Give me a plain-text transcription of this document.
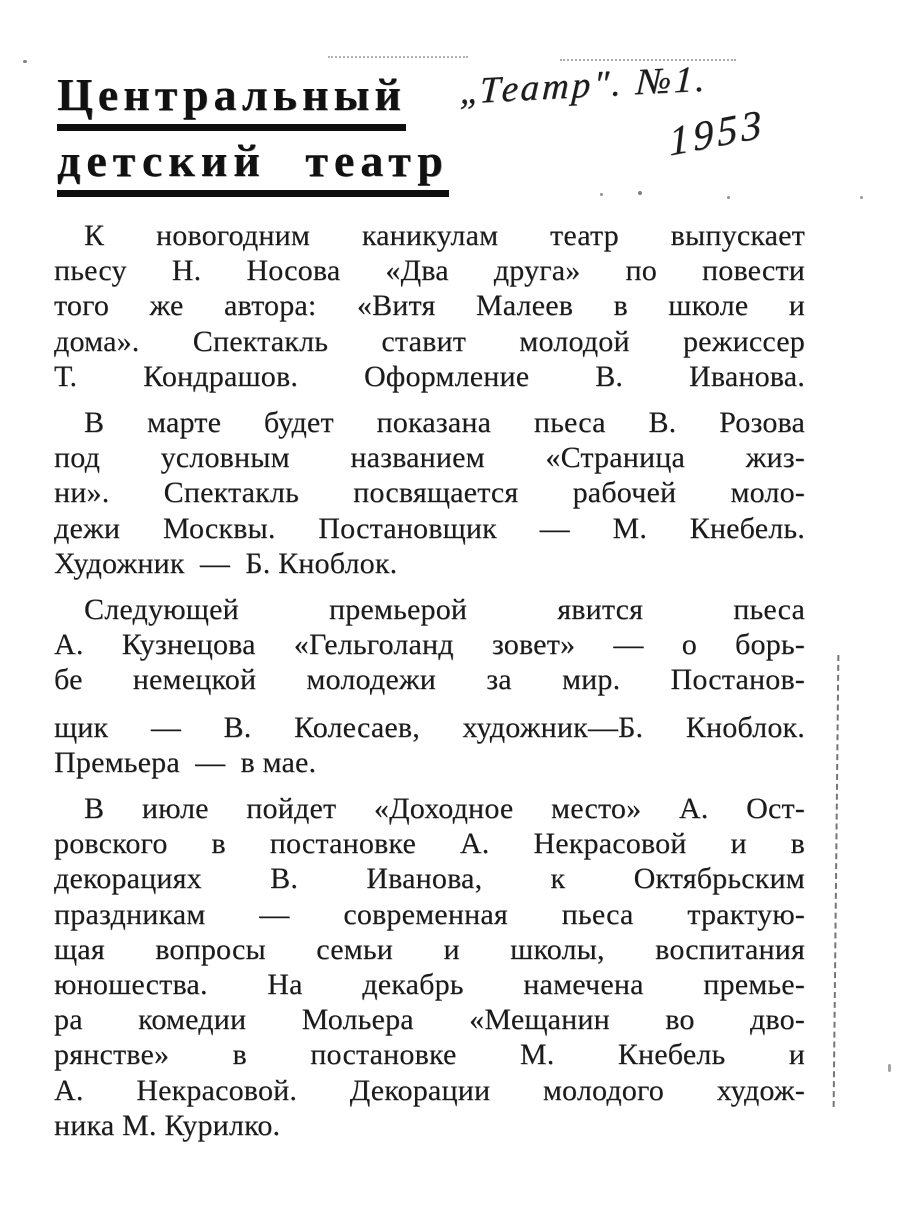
Центральный
детский театр
„Театр". №1.
1953
К новогодним каникулам театр выпускает
пьесу Н. Носова «Два друга» по повести
того же автора: «Витя Малеев в школе и
дома». Спектакль ставит молодой режиссер
Т. Кондрашов. Оформление В. Иванова.
В марте будет показана пьеса В. Розова
под условным названием «Страница жиз-
ни». Спектакль посвящается рабочей моло-
дежи Москвы. Постановщик — М. Кнебель.
Художник — Б. Кноблок.
Следующей премьерой явится пьеса
А. Кузнецова «Гельголанд зовет» — о борь-
бе немецкой молодежи за мир. Постанов-
щик — В. Колесаев, художник—Б. Кноблок.
Премьера — в мае.
В июле пойдет «Доходное место» А. Ост-
ровского в постановке А. Некрасовой и в
декорациях В. Иванова, к Октябрьским
праздникам — современная пьеса трактую-
щая вопросы семьи и школы, воспитания
юношества. На декабрь намечена премье-
ра комедии Мольера «Мещанин во дво-
рянстве» в постановке М. Кнебель и
А. Некрасовой. Декорации молодого худож-
ника М. Курилко.
